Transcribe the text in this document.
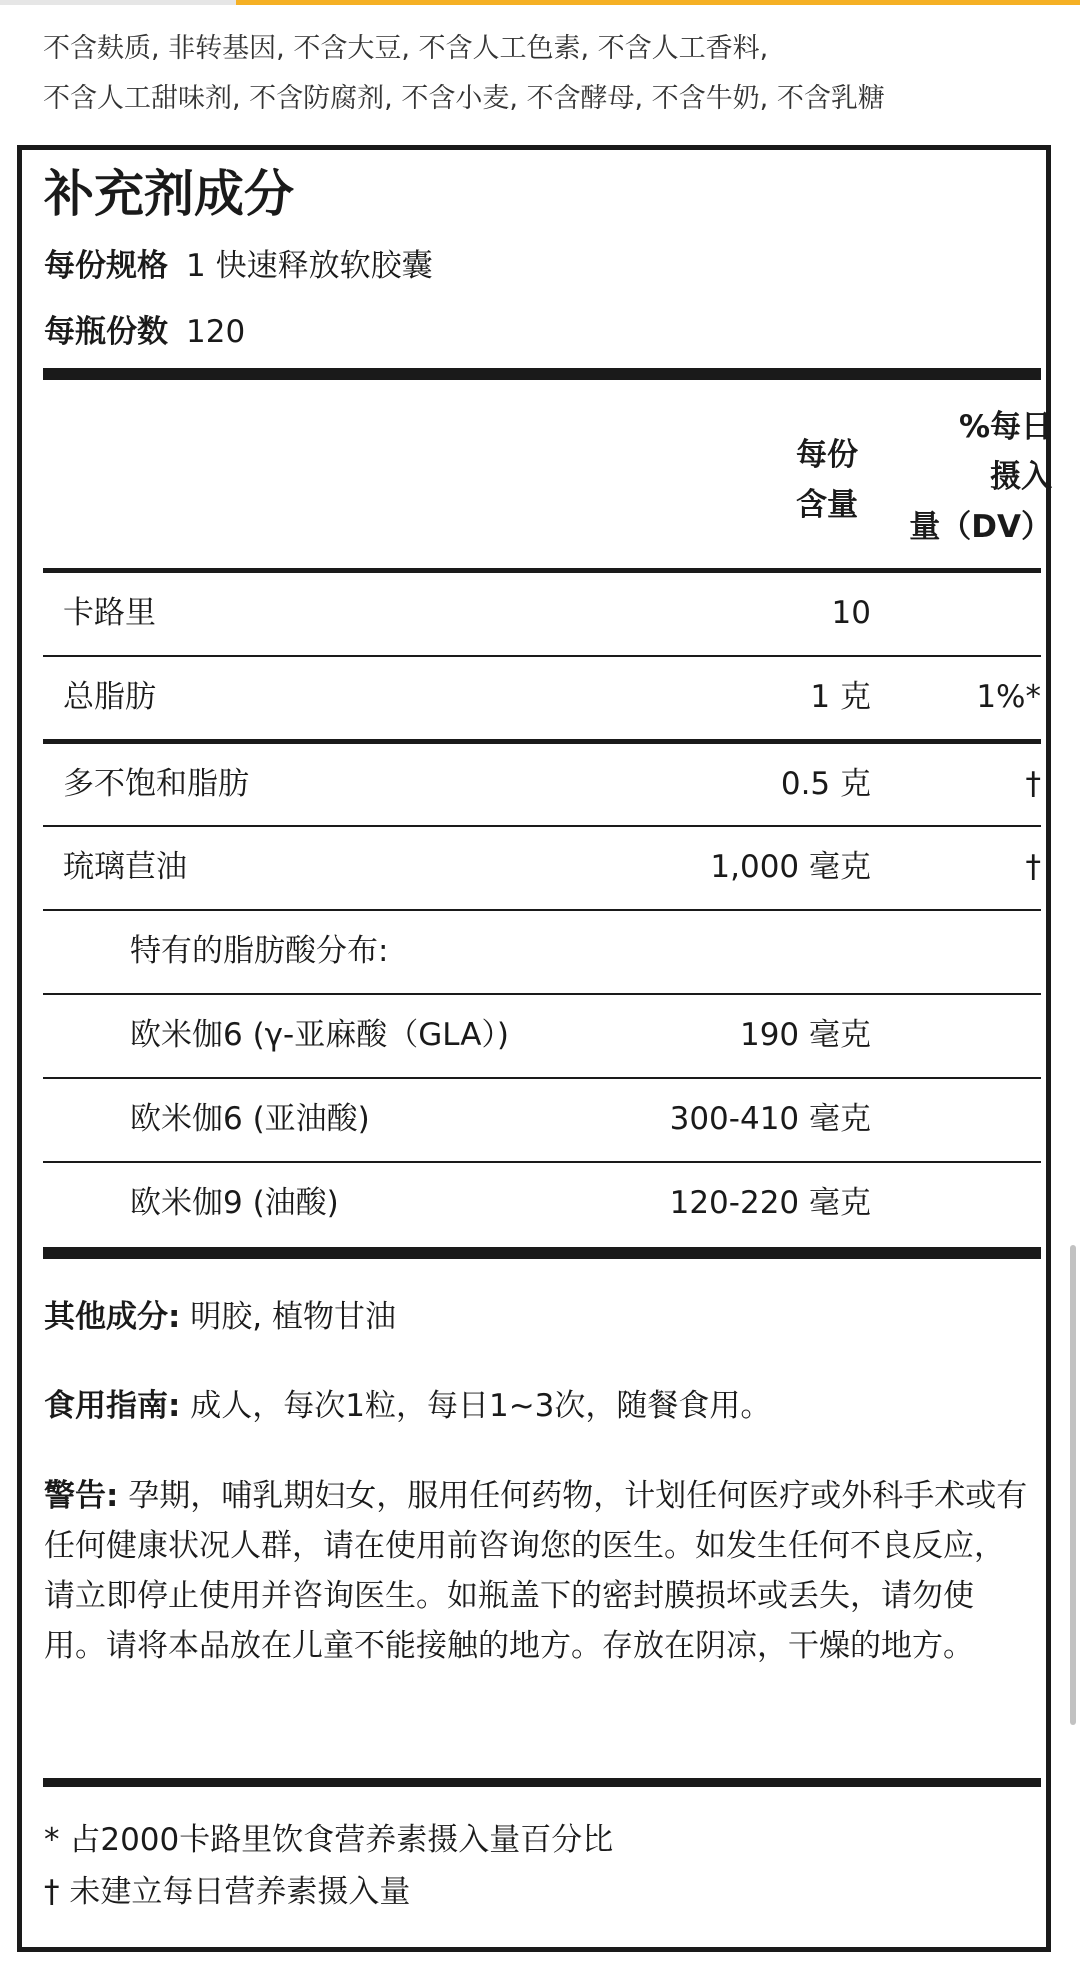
不含麸质, 非转基因, 不含大豆, 不含人工色素, 不含人工香料,
不含人工甜味剂, 不含防腐剂, 不含小麦, 不含酵母, 不含牛奶, 不含乳糖
补充剂成分
每份规格 1 快速释放软胶囊
每瓶份数 120
每份
含量
%每日
摄入
量（DV）
卡路里	10
总脂肪	1 克	1%*
多不饱和脂肪	0.5 克	†
琉璃苣油	1,000 毫克	†
特有的脂肪酸分布:
欧米伽6 (γ-亚麻酸（GLA）)	190 毫克
欧米伽6 (亚油酸)	300-410 毫克
欧米伽9 (油酸)	120-220 毫克
其他成分: 明胶, 植物甘油
食用指南: 成人，每次1粒，每日1~3次，随餐食用。
警告: 孕期，哺乳期妇女，服用任何药物，计划任何医疗或外科手术或有任何健康状况人群，请在使用前咨询您的医生。如发生任何不良反应，请立即停止使用并咨询医生。如瓶盖下的密封膜损坏或丢失，请勿使用。请将本品放在儿童不能接触的地方。存放在阴凉，干燥的地方。
* 占2000卡路里饮食营养素摄入量百分比
† 未建立每日营养素摄入量
